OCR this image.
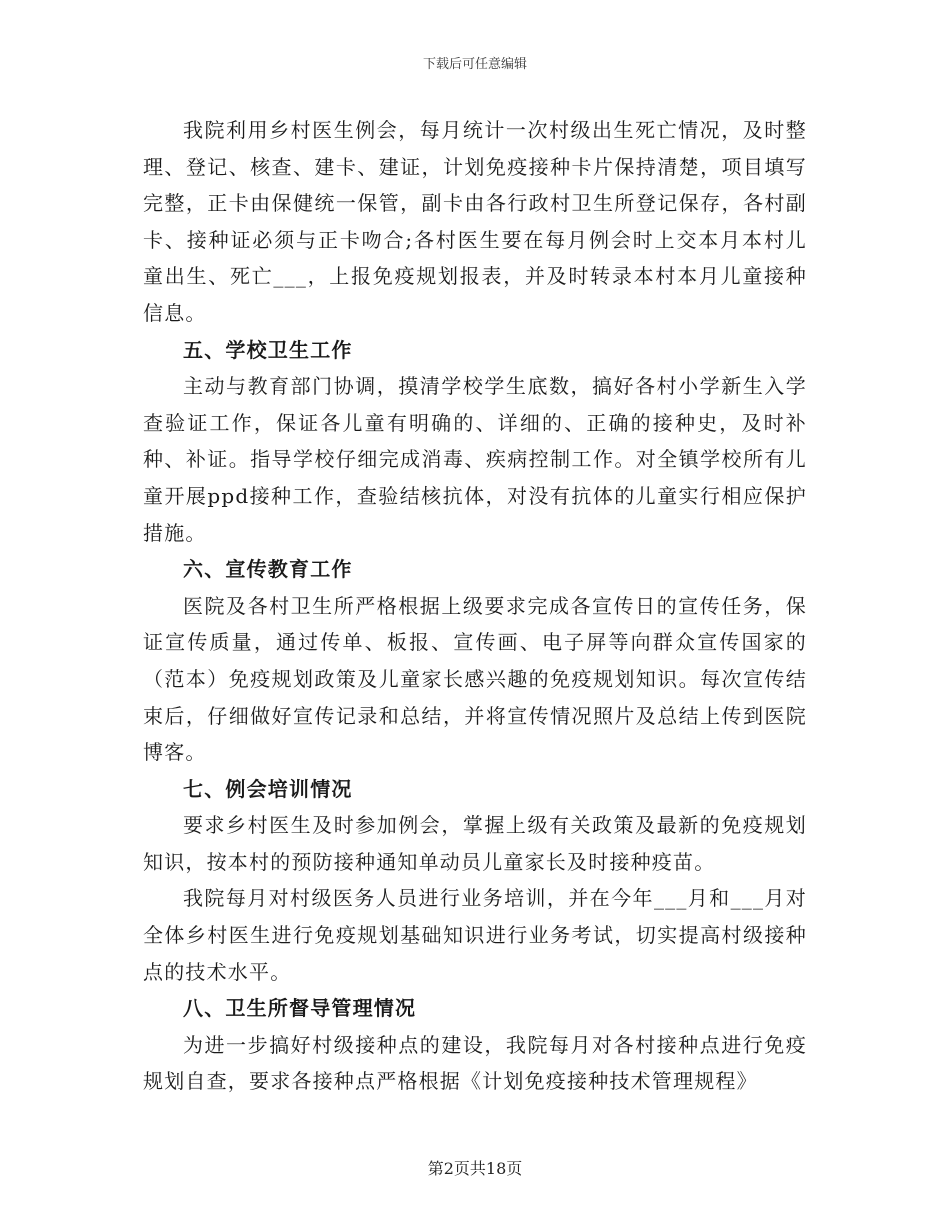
下载后可任意编辑

我院利用乡村医生例会，每月统计一次村级出生死亡情况，及时整理、登记、核查、建卡、建证，计划免疫接种卡片保持清楚，项目填写完整，正卡由保健统一保管，副卡由各行政村卫生所登记保存，各村副卡、接种证必须与正卡吻合;各村医生要在每月例会时上交本月本村儿童出生、死亡___，上报免疫规划报表，并及时转录本村本月儿童接种信息。

五、学校卫生工作

主动与教育部门协调，摸清学校学生底数，搞好各村小学新生入学查验证工作，保证各儿童有明确的、详细的、正确的接种史，及时补种、补证。指导学校仔细完成消毒、疾病控制工作。对全镇学校所有儿童开展ppd接种工作，查验结核抗体，对没有抗体的儿童实行相应保护措施。

六、宣传教育工作

医院及各村卫生所严格根据上级要求完成各宣传日的宣传任务，保证宣传质量，通过传单、板报、宣传画、电子屏等向群众宣传国家的（范本）免疫规划政策及儿童家长感兴趣的免疫规划知识。每次宣传结束后，仔细做好宣传记录和总结，并将宣传情况照片及总结上传到医院博客。

七、例会培训情况

要求乡村医生及时参加例会，掌握上级有关政策及最新的免疫规划知识，按本村的预防接种通知单动员儿童家长及时接种疫苗。

我院每月对村级医务人员进行业务培训，并在今年___月和___月对全体乡村医生进行免疫规划基础知识进行业务考试，切实提高村级接种点的技术水平。

八、卫生所督导管理情况

为进一步搞好村级接种点的建设，我院每月对各村接种点进行免疫规划自查，要求各接种点严格根据《计划免疫接种技术管理规程》

第2页共18页
